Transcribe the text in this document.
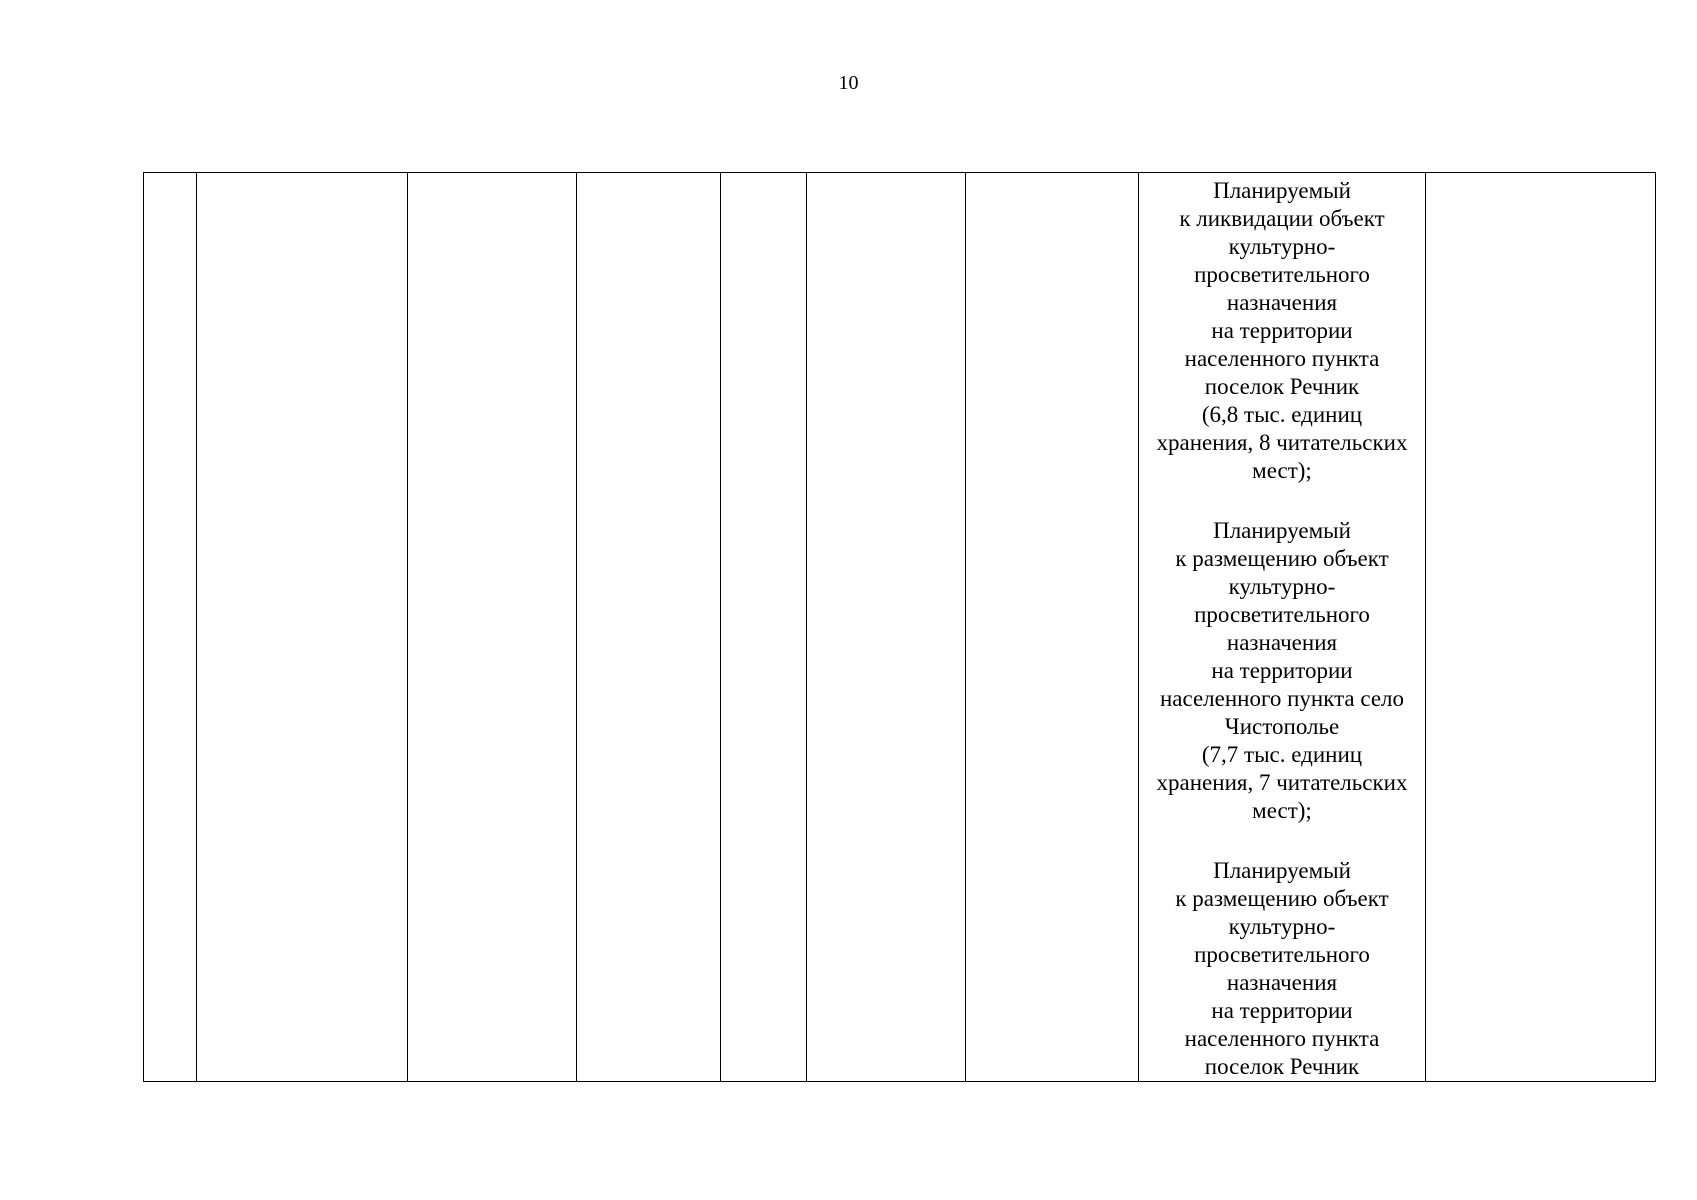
10

Планируемый
к ликвидации объект
культурно-
просветительного
назначения
на территории
населенного пункта
поселок Речник
(6,8 тыс. единиц
хранения, 8 читательских
мест);
Планируемый
к размещению объект
культурно-
просветительного
назначения
на территории
населенного пункта село
Чистополье
(7,7 тыс. единиц
хранения, 7 читательских
мест);
Планируемый
к размещению объект
культурно-
просветительного
назначения
на территории
населенного пункта
поселок Речник
